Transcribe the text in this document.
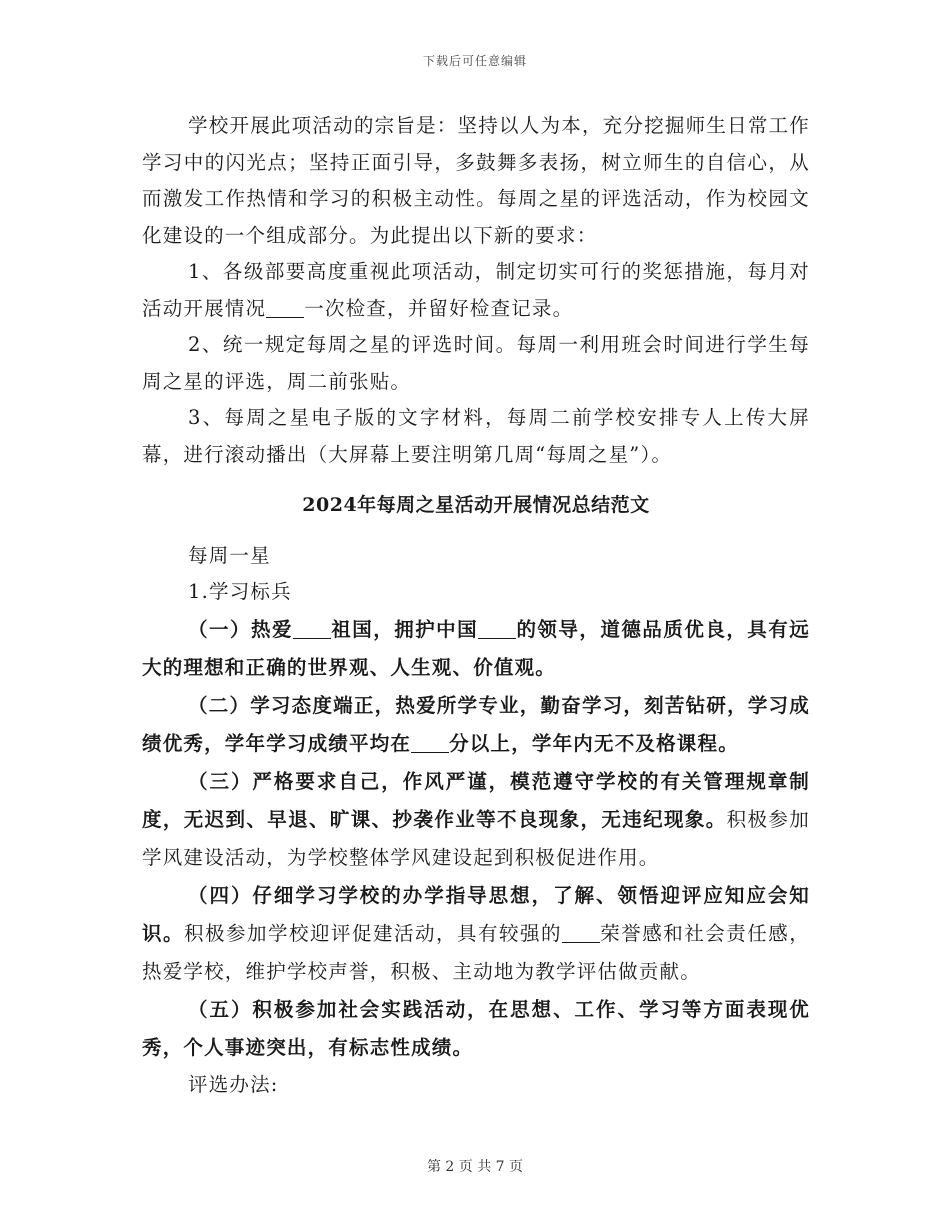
下载后可任意编辑

学校开展此项活动的宗旨是：坚持以人为本，充分挖掘师生日常工作学习中的闪光点；坚持正面引导，多鼓舞多表扬，树立师生的自信心，从而激发工作热情和学习的积极主动性。每周之星的评选活动，作为校园文化建设的一个组成部分。为此提出以下新的要求：

1、各级部要高度重视此项活动，制定切实可行的奖惩措施，每月对活动开展情况 一次检查，并留好检查记录。

2、统一规定每周之星的评选时间。每周一利用班会时间进行学生每周之星的评选，周二前张贴。

3、每周之星电子版的文字材料，每周二前学校安排专人上传大屏幕，进行滚动播出（大屏幕上要注明第几周“每周之星”）。

2024年每周之星活动开展情况总结范文

每周一星

1.学习标兵

（一）热爱 祖国，拥护中国 的领导，道德品质优良，具有远大的理想和正确的世界观、人生观、价值观。

（二）学习态度端正，热爱所学专业，勤奋学习，刻苦钻研，学习成绩优秀，学年学习成绩平均在 分以上，学年内无不及格课程。

（三）严格要求自己，作风严谨，模范遵守学校的有关管理规章制度，无迟到、早退、旷课、抄袭作业等不良现象，无违纪现象。积极参加学风建设活动，为学校整体学风建设起到积极促进作用。

（四）仔细学习学校的办学指导思想，了解、领悟迎评应知应会知识。积极参加学校迎评促建活动，具有较强的 荣誉感和社会责任感，热爱学校，维护学校声誉，积极、主动地为教学评估做贡献。

（五）积极参加社会实践活动，在思想、工作、学习等方面表现优秀，个人事迹突出，有标志性成绩。

评选办法:

第 2 页 共 7 页
